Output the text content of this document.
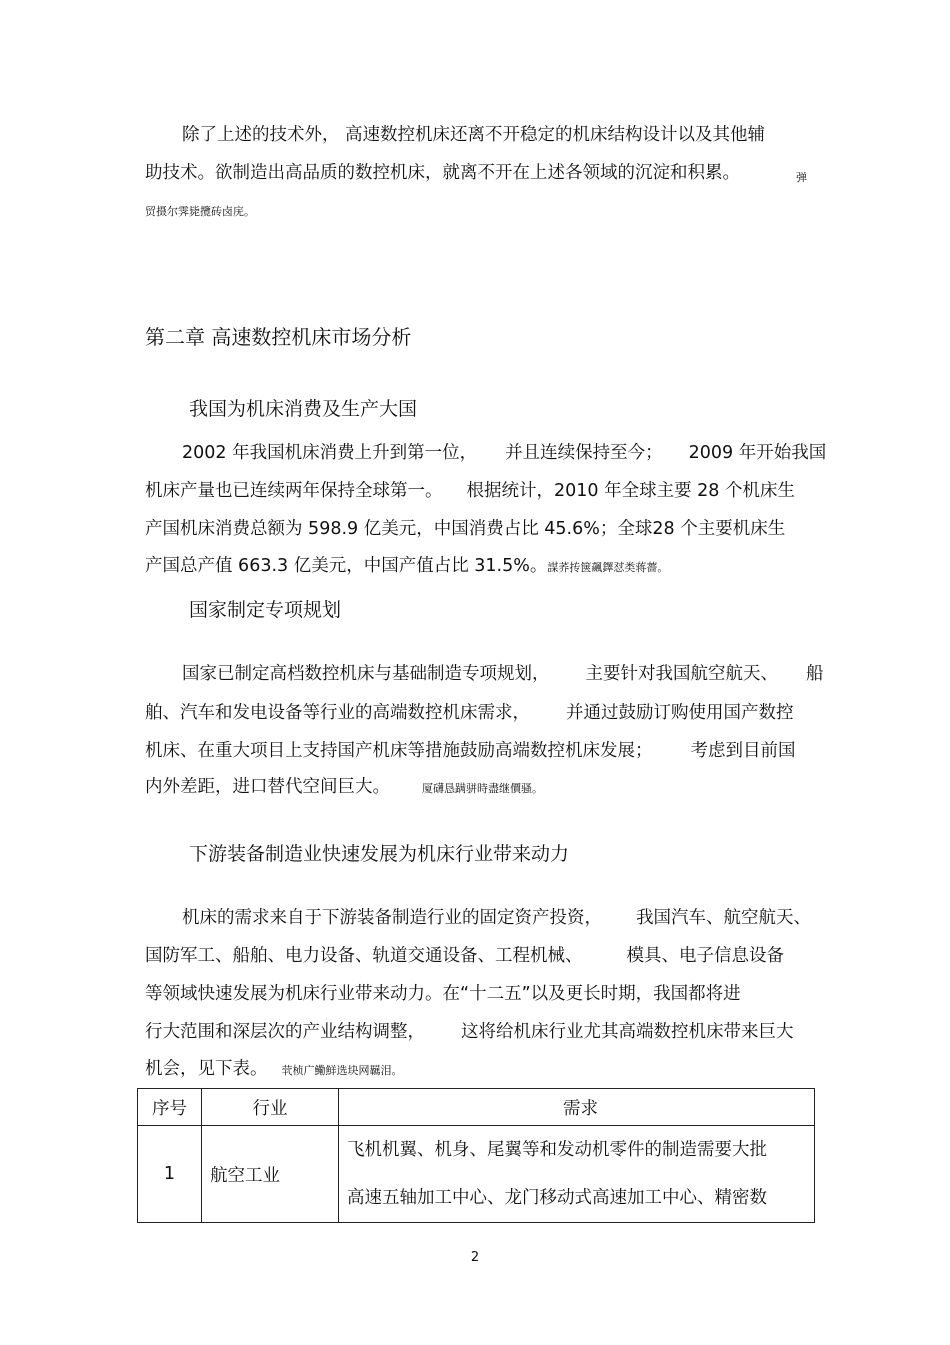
除了上述的技术外， 高速数控机床还离不开稳定的机床结构设计以及其他辅
助技术。欲制造出高品质的数控机床，就离不开在上述各领域的沉淀和积累。	弹
贸摄尔霁毙攬砖卤庑。
第二章 高速数控机床市场分析
我国为机床消费及生产大国
2002 年我国机床消费上升到第一位， 并且连续保持至今； 2009 年开始我国
机床产量也已连续两年保持全球第一。 根据统计，2010 年全球主要 28 个机床生
产国机床消费总额为 598.9 亿美元，中国消费占比 45.6%；全球28 个主要机床生
产国总产值 663.3 亿美元，中国产值占比 31.5%。謀荞抟箧飆鐸怼类蒋薔。
国家制定专项规划
国家已制定高档数控机床与基础制造专项规划， 主要针对我国航空航天、 船
舶、汽车和发电设备等行业的高端数控机床需求， 并通过鼓励订购使用国产数控
机床、在重大项目上支持国产机床等措施鼓励高端数控机床发展； 考虑到目前国
内外差距，进口替代空间巨大。	厦礴恳蹒骈時盡继價骚。
下游装备制造业快速发展为机床行业带来动力
机床的需求来自于下游装备制造行业的固定资产投资， 我国汽车、航空航天、
国防军工、船舶、电力设备、轨道交通设备、工程机械、	模具、电子信息设备
等领域快速发展为机床行业带来动力。在“十二五”以及更长时期，我国都将进
行大范围和深层次的产业结构调整， 这将给机床行业尤其高端数控机床带来巨大
机会，见下表。 茕桢广鰳鮮选块网羈泪。
序号	行业	需求
1	航空工业	飞机机翼、机身、尾翼等和发动机零件的制造需要大批
高速五轴加工中心、龙门移动式高速加工中心、精密数
2
